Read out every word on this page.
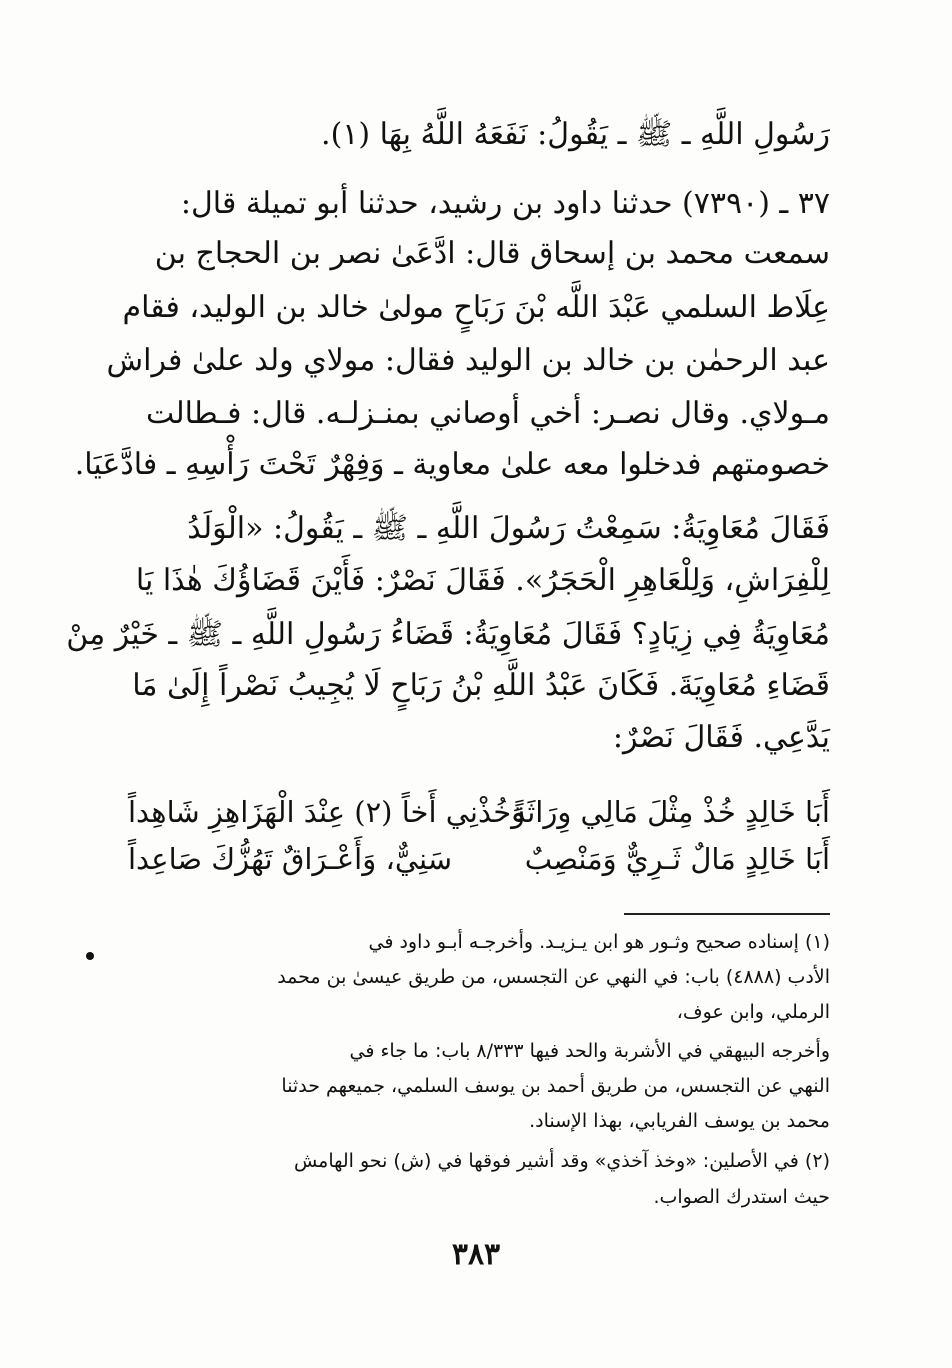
رَسُولِ اللَّهِ ـ ﷺ ـ يَقُولُ: نَفَعَهُ اللَّهُ بِهَا (١).
٣٧ ـ (٧٣٩٠) حدثنا داود بن رشيد، حدثنا أبو تميلة قال:
سمعت محمد بن إسحاق قال: ادَّعَىٰ نصر بن الحجاج بن
عِلَاط السلمي عَبْدَ اللَّه بْنَ رَبَاحٍ مولىٰ خالد بن الوليد، فقام
عبد الرحمٰن بن خالد بن الوليد فقال: مولاي ولد علىٰ فراش
مـولاي. وقال نصـر: أخي أوصاني بمنـزلـه. قال: فـطالت
خصومتهم فدخلوا معه علىٰ معاوية ـ وَفِهْرٌ تَحْتَ رَأْسِهِ ـ فادَّعَيَا.
فَقَالَ مُعَاوِيَةُ: سَمِعْتُ رَسُولَ اللَّهِ ـ ﷺ ـ يَقُولُ: «الْوَلَدُ
لِلْفِرَاشِ، وَلِلْعَاهِرِ الْحَجَرُ». فَقَالَ نَصْرٌ: فَأَيْنَ قَضَاؤُكَ هٰذَا يَا
مُعَاوِيَةُ فِي زِيَادٍ؟ فَقَالَ مُعَاوِيَةُ: قَضَاءُ رَسُولِ اللَّهِ ـ ﷺ ـ خَيْرٌ مِنْ
قَضَاءِ مُعَاوِيَةَ. فَكَانَ عَبْدُ اللَّهِ بْنُ رَبَاحٍ لَا يُجِيبُ نَصْراً إِلَىٰ مَا
يَدَّعِي. فَقَالَ نَصْرٌ:
أَبَا خَالِدٍ خُذْ مِثْلَ مَالِي وِرَاثَةً
وَخُذْنِي أَخاً (٢) عِنْدَ الْهَزَاهِزِ شَاهِداً
أَبَا خَالِدٍ مَالٌ ثَـرِيٌّ وَمَنْصِبٌ
سَنِيٌّ، وَأَعْـرَاقٌ تَهُزُّكَ صَاعِداً
(١) إسناده صحيح وثـور هو ابن يـزيـد. وأخرجـه أبـو داود في
الأدب (٤٨٨٨) باب: في النهي عن التجسس، من طريق عيسىٰ بن محمد
الرملي، وابن عوف،
وأخرجه البيهقي في الأشربة والحد فيها ٨/٣٣٣ باب: ما جاء في
النهي عن التجسس، من طريق أحمد بن يوسف السلمي، جميعهم حدثنا
محمد بن يوسف الفريابي، بهذا الإسناد.
(٢) في الأصلين: «وخذ آخذي» وقد أشير فوقها في (ش) نحو الهامش
حيث استدرك الصواب.
٣٨٣
